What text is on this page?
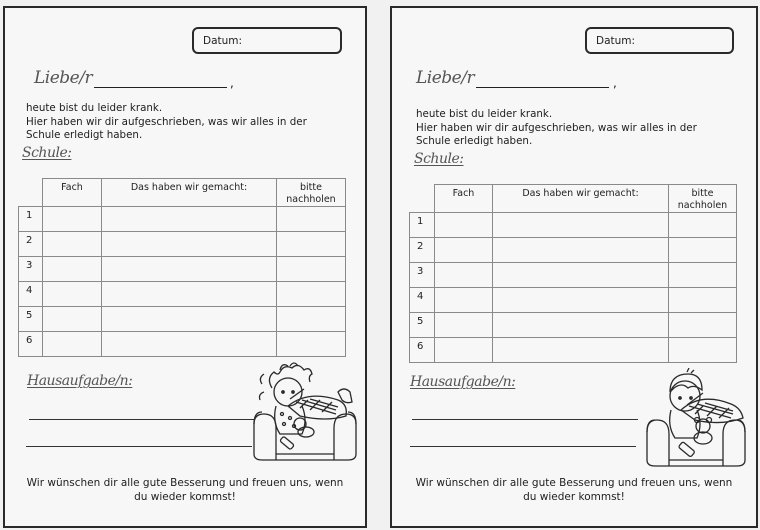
Datum:
Liebe/r	,
heute bist du leider krank.
Hier haben wir dir aufgeschrieben, was wir alles in der
Schule erledigt haben.
Schule:
	Fach	Das haben wir gemacht:	bitte
nachholen

1			
2			
3			
4			
5			
6			
Hausaufgabe/n:
Wir wünschen dir alle gute Besserung und freuen uns, wenn
du wieder kommst!
Datum:
Liebe/r	,
heute bist du leider krank.
Hier haben wir dir aufgeschrieben, was wir alles in der
Schule erledigt haben.
Schule:
	Fach	Das haben wir gemacht:	bitte
nachholen

1			
2			
3			
4			
5			
6			
Hausaufgabe/n:
Wir wünschen dir alle gute Besserung und freuen uns, wenn
du wieder kommst!
